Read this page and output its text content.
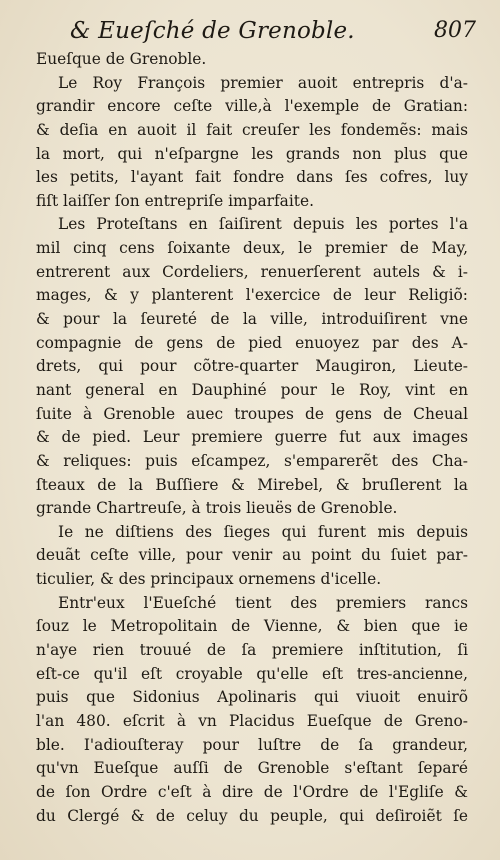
& Eueſché de Grenoble.	807
Eueſque de Grenoble.
Le Roy François premier auoit entrepris d'a-
grandir encore ceſte ville,à l'exemple de Gratian:
& deſia en auoit il fait creuſer les fondemẽs: mais
la mort, qui n'eſpargne les grands non plus que
les petits, l'ayant fait fondre dans ſes cofres, luy
fiſt laiſſer ſon entrepriſe imparfaite.
Les Proteſtans en ſaiſirent depuis les portes l'a
mil cinq cens ſoixante deux, le premier de May,
entrerent aux Cordeliers, renuerſerent autels & i-
mages, & y planterent l'exercice de leur Religiõ:
& pour la ſeureté de la ville, introduiſirent vne
compagnie de gens de pied enuoyez par des A-
drets, qui pour cõtre-quarter Maugiron, Lieute-
nant general en Dauphiné pour le Roy, vint en
ſuite à Grenoble auec troupes de gens de Cheual
& de pied. Leur premiere guerre fut aux images
& reliques: puis eſcampez, s'emparerẽt des Cha-
ſteaux de la Buſſiere & Mirebel, & bruſlerent la
grande Chartreuſe, à trois lieuës de Grenoble.
Ie ne diſtiens des ſieges qui furent mis depuis
deuãt ceſte ville, pour venir au point du ſuiet par-
ticulier, & des principaux ornemens d'icelle.
Entr'eux l'Eueſché tient des premiers rancs
ſouz le Metropolitain de Vienne, & bien que ie
n'aye rien trouué de ſa premiere inſtitution, ſi
eſt-ce qu'il eſt croyable qu'elle eſt tres-ancienne,
puis que Sidonius Apolinaris qui viuoit enuirõ
l'an 480. eſcrit à vn Placidus Eueſque de Greno-
ble. I'adiouſteray pour luſtre de ſa grandeur,
qu'vn Eueſque auſſi de Grenoble s'eſtant ſeparé
de ſon Ordre c'eſt à dire de l'Ordre de l'Egliſe &
du Clergé & de celuy du peuple, qui deſiroiẽt ſe
